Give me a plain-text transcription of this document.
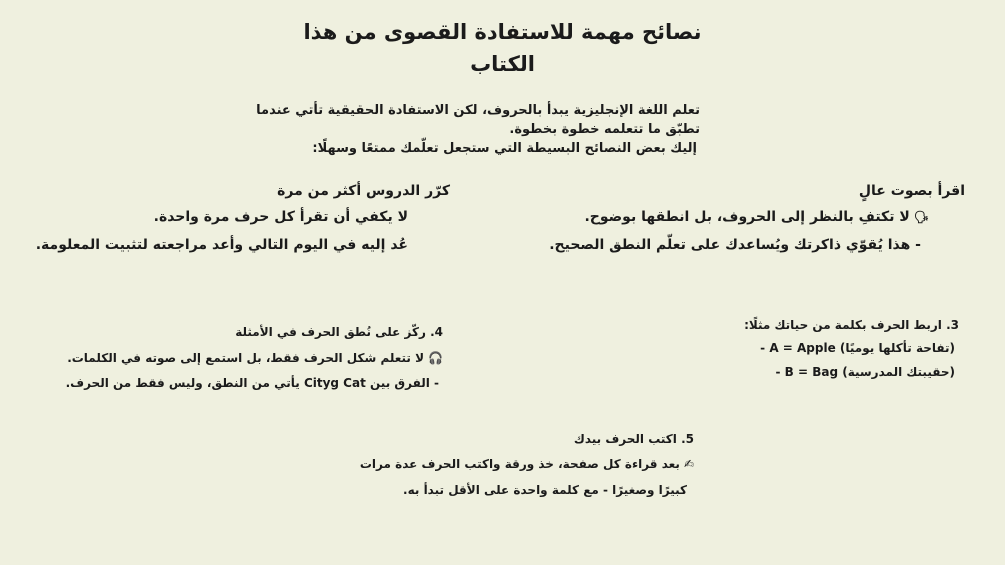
نصائح مهمة للاستفادة القصوى من هذا
الكتاب
تعلم اللغة الإنجليزية يبدأ بالحروف، لكن الاستفادة الحقيقية تأتي عندما
تطبّق ما تتعلمه خطوة بخطوة.
إليك بعض النصائح البسيطة التي ستجعل تعلّمك ممتعًا وسهلًا:
اقرأ بصوت عالٍ
🗣لا تكتفِ بالنظر إلى الحروف، بل انطقها بوضوح.
- هذا يُقوّي ذاكرتك ويُساعدك على تعلّم النطق الصحيح.
كرّر الدروس أكثر من مرة
لا يكفي أن تقرأ كل حرف مرة واحدة.
عُد إليه في اليوم التالي وأعد مراجعته لتثبيت المعلومة.
3. اربط الحرف بكلمة من حياتك مثلًا:
- A = Apple (تفاحة تأكلها يوميًا)
- B = Bag (حقيبتك المدرسية)
4. ركّز على نُطق الحرف في الأمثلة
🎧لا تتعلم شكل الحرف فقط، بل استمع إلى صوته في الكلمات.
- الفرق بين Cityg Cat يأتي من النطق، وليس فقط من الحرف.
5. اكتب الحرف بيدك
✍بعد قراءة كل صفحة، خذ ورقة واكتب الحرف عدة مرات
كبيرًا وصغيرًا - مع كلمة واحدة على الأقل تبدأ به.
